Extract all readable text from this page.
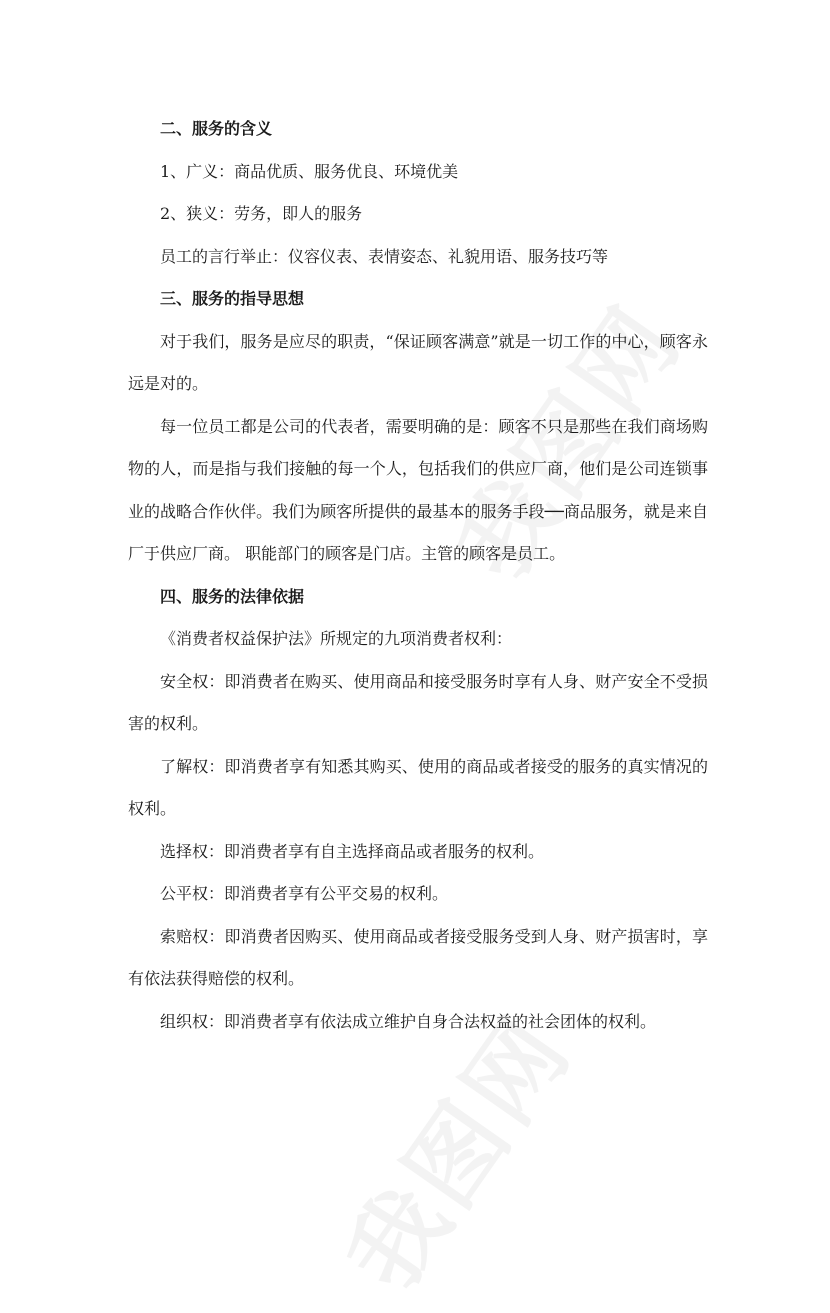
二、服务的含义

1、广义：商品优质、服务优良、环境优美

2、狭义：劳务，即人的服务

员工的言行举止：仪容仪表、表情姿态、礼貌用语、服务技巧等

三、服务的指导思想

对于我们，服务是应尽的职责，“保证顾客满意”就是一切工作的中心，顾客永远是对的。

每一位员工都是公司的代表者，需要明确的是：顾客不只是那些在我们商场购物的人，而是指与我们接触的每一个人，包括我们的供应厂商，他们是公司连锁事业的战略合作伙伴。我们为顾客所提供的最基本的服务手段──商品服务，就是来自厂于供应厂商。 职能部门的顾客是门店。主管的顾客是员工。

四、服务的法律依据

《消费者权益保护法》所规定的九项消费者权利：

安全权：即消费者在购买、使用商品和接受服务时享有人身、财产安全不受损害的权利。

了解权：即消费者享有知悉其购买、使用的商品或者接受的服务的真实情况的权利。

选择权：即消费者享有自主选择商品或者服务的权利。

公平权：即消费者享有公平交易的权利。

索赔权：即消费者因购买、使用商品或者接受服务受到人身、财产损害时，享有依法获得赔偿的权利。

组织权：即消费者享有依法成立维护自身合法权益的社会团体的权利。
